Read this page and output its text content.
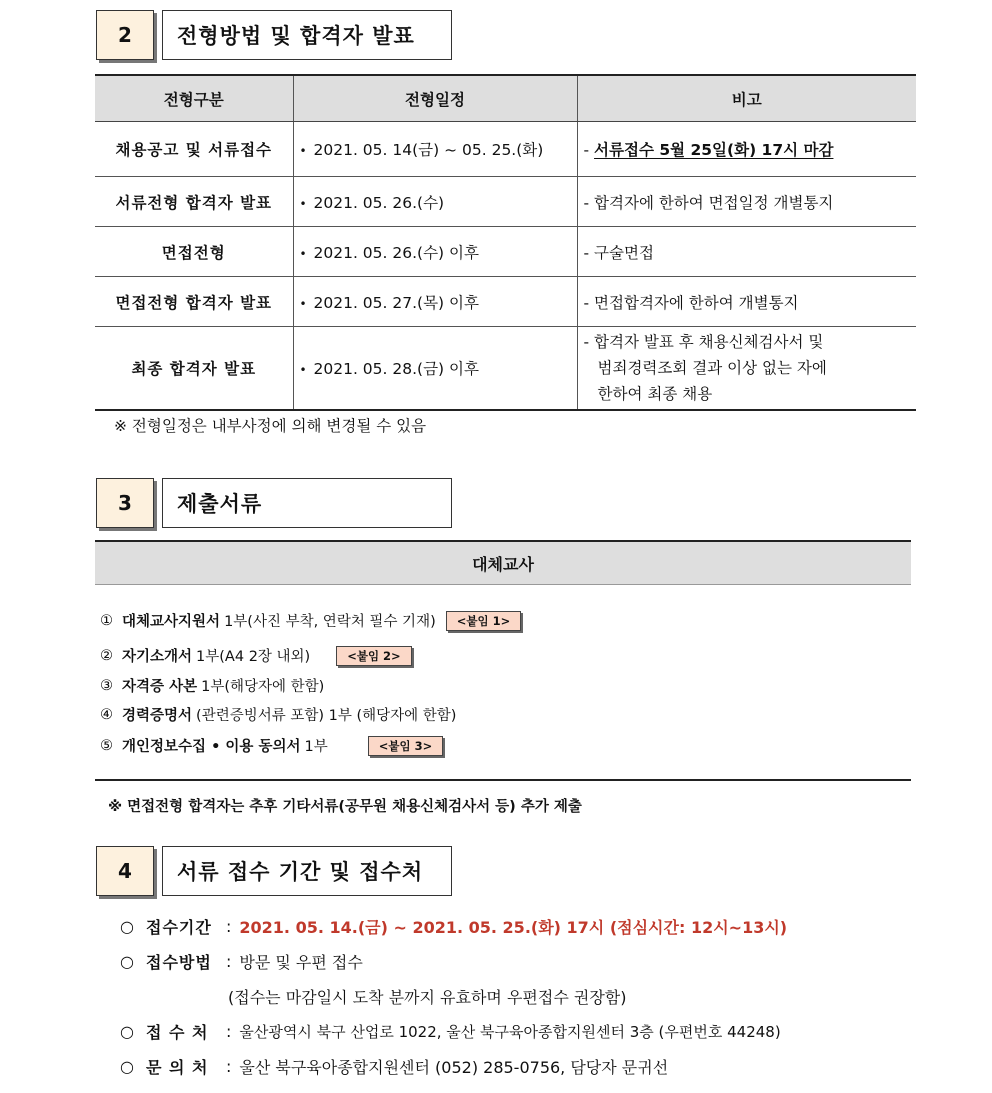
2	전형방법 및 합격자 발표
전형구분	전형일정	비고
채용공고 및 서류접수	• 2021. 05. 14(금) ~ 05. 25.(화)	- 서류접수 5월 25일(화) 17시 마감
서류전형 합격자 발표	• 2021. 05. 26.(수)	- 합격자에 한하여 면접일정 개별통지
면접전형	• 2021. 05. 26.(수) 이후	- 구술면접
면접전형 합격자 발표	• 2021. 05. 27.(목) 이후	- 면접합격자에 한하여 개별통지
최종 합격자 발표	• 2021. 05. 28.(금) 이후	- 합격자 발표 후 채용신체검사서 및
범죄경력조회 결과 이상 없는 자에
한하여 최종 채용
※ 전형일정은 내부사정에 의해 변경될 수 있음
3	제출서류
대체교사
① 대체교사지원서 1부(사진 부착, 연락처 필수 기재)	<붙임 1>
② 자기소개서 1부(A4 2장 내외)	<붙임 2>
③ 자격증 사본 1부(해당자에 한함)
④ 경력증명서 (관련증빙서류 포함) 1부 (해당자에 한함)
⑤ 개인정보수집 • 이용 동의서 1부	<붙임 3>
※ 면접전형 합격자는 추후 기타서류(공무원 채용신체검사서 등) 추가 제출
4	서류 접수 기간 및 접수처
○ 접수기간 : 2021. 05. 14.(금) ~ 2021. 05. 25.(화) 17시 (점심시간: 12시~13시)
○ 접수방법 : 방문 및 우편 접수
(접수는 마감일시 도착 분까지 유효하며 우편접수 권장함)
○ 접 수 처	: 울산광역시 북구 산업로 1022, 울산 북구육아종합지원센터 3층 (우편번호 44248)
○ 문 의 처	: 울산 북구육아종합지원센터 (052) 285-0756, 담당자 문귀선
